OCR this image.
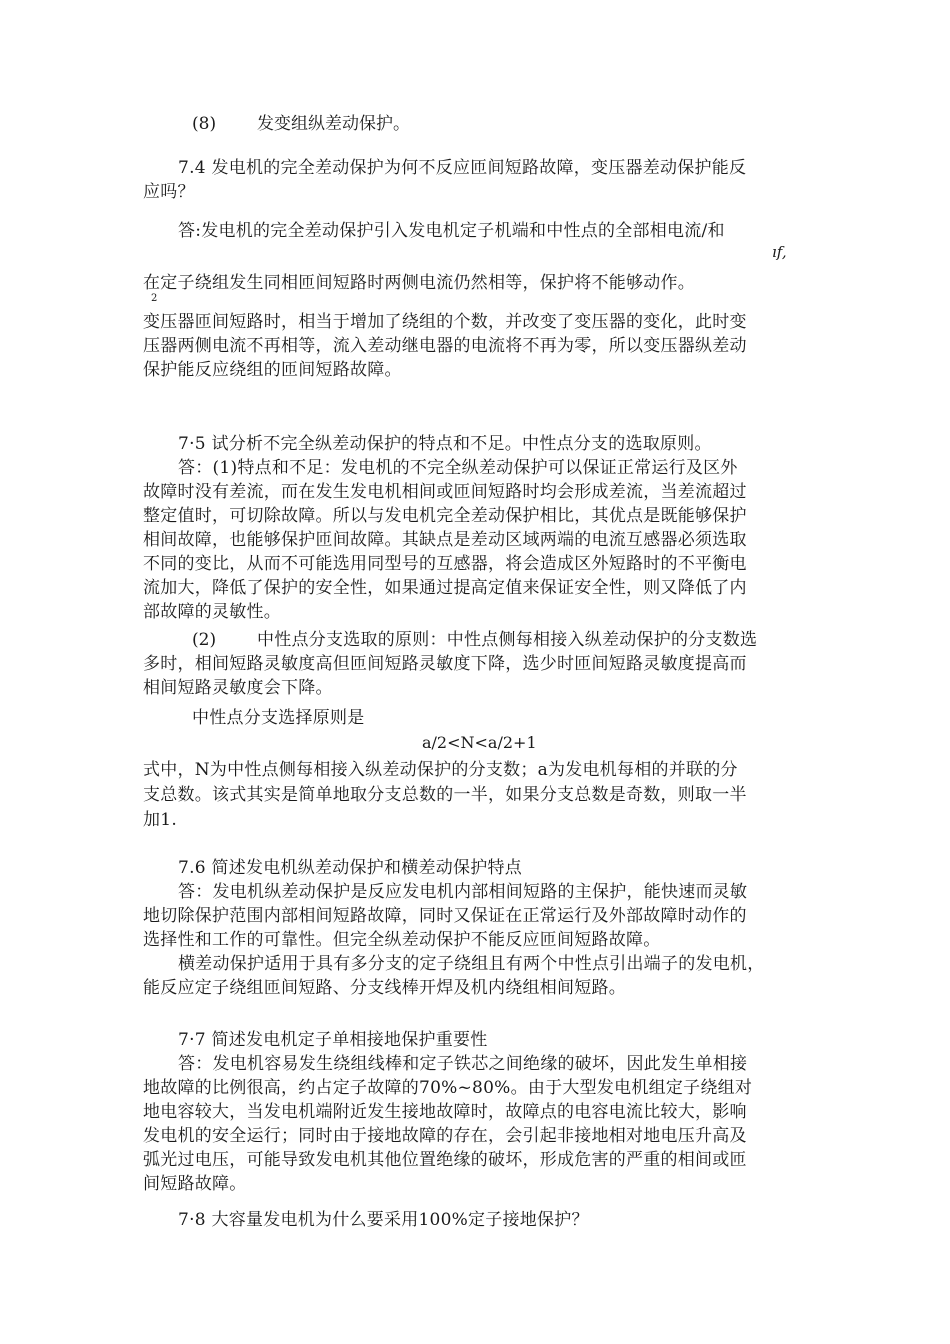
(8) 发变组纵差动保护。
7.4 发电机的完全差动保护为何不反应匝间短路故障，变压器差动保护能反
应吗？
答:发电机的完全差动保护引入发电机定子机端和中性点的全部相电流/和
ıf,
在定子绕组发生同相匝间短路时两侧电流仍然相等，保护将不能够动作。
2
变压器匝间短路时，相当于增加了绕组的个数，并改变了变压器的变化，此时变
压器两侧电流不再相等，流入差动继电器的电流将不再为零，所以变压器纵差动
保护能反应绕组的匝间短路故障。
7·5 试分析不完全纵差动保护的特点和不足。中性点分支的选取原则。
答：(1)特点和不足：发电机的不完全纵差动保护可以保证正常运行及区外
故障时没有差流，而在发生发电机相间或匝间短路时均会形成差流，当差流超过
整定值时，可切除故障。所以与发电机完全差动保护相比，其优点是既能够保护
相间故障，也能够保护匝间故障。其缺点是差动区域两端的电流互感器必须选取
不同的变比，从而不可能选用同型号的互感器，将会造成区外短路时的不平衡电
流加大，降低了保护的安全性，如果通过提高定值来保证安全性，则又降低了内
部故障的灵敏性。
(2) 中性点分支选取的原则：中性点侧每相接入纵差动保护的分支数选
多时，相间短路灵敏度高但匝间短路灵敏度下降，选少时匝间短路灵敏度提高而
相间短路灵敏度会下降。
中性点分支选择原则是
a/2<N<a/2+1
式中，N为中性点侧每相接入纵差动保护的分支数；a为发电机每相的并联的分
支总数。该式其实是简单地取分支总数的一半，如果分支总数是奇数，则取一半
加1.
7.6 简述发电机纵差动保护和横差动保护特点
答：发电机纵差动保护是反应发电机内部相间短路的主保护，能快速而灵敏
地切除保护范围内部相间短路故障，同时又保证在正常运行及外部故障时动作的
选择性和工作的可靠性。但完全纵差动保护不能反应匝间短路故障。
横差动保护适用于具有多分支的定子绕组且有两个中性点引出端子的发电机，
能反应定子绕组匝间短路、分支线棒开焊及机内绕组相间短路。
7·7 简述发电机定子单相接地保护重要性
答：发电机容易发生绕组线棒和定子铁芯之间绝缘的破坏，因此发生单相接
地故障的比例很高，约占定子故障的70%~80%。由于大型发电机组定子绕组对
地电容较大，当发电机端附近发生接地故障时，故障点的电容电流比较大，影响
发电机的安全运行；同时由于接地故障的存在，会引起非接地相对地电压升高及
弧光过电压，可能导致发电机其他位置绝缘的破坏，形成危害的严重的相间或匝
间短路故障。
7·8 大容量发电机为什么要采用100%定子接地保护？
